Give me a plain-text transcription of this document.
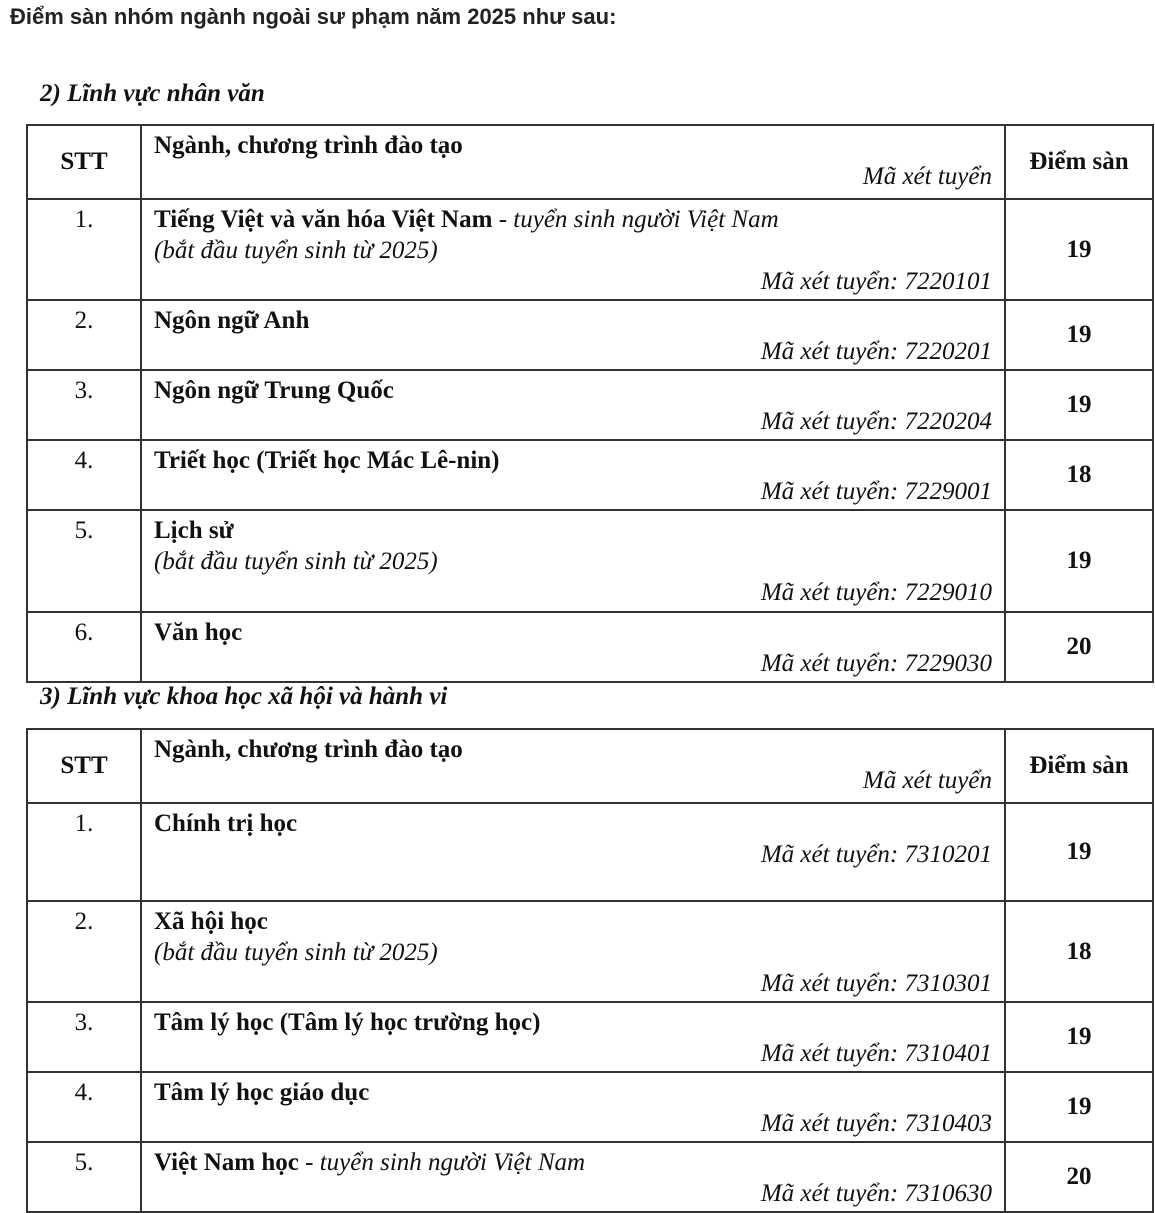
Điểm sàn nhóm ngành ngoài sư phạm năm 2025 như sau:

2) Lĩnh vực nhân văn

STT	Ngành, chương trình đào tạo
Mã xét tuyển	Điểm sàn
1.	Tiếng Việt và văn hóa Việt Nam - tuyển sinh người Việt Nam
(bắt đầu tuyển sinh từ 2025)
Mã xét tuyển: 7220101	19
2.	Ngôn ngữ Anh
Mã xét tuyển: 7220201	19
3.	Ngôn ngữ Trung Quốc
Mã xét tuyển: 7220204	19
4.	Triết học (Triết học Mác Lê-nin)
Mã xét tuyển: 7229001	18
5.	Lịch sử
(bắt đầu tuyển sinh từ 2025)
Mã xét tuyển: 7229010	19
6.	Văn học
Mã xét tuyển: 7229030	20

3) Lĩnh vực khoa học xã hội và hành vi

STT	Ngành, chương trình đào tạo
Mã xét tuyển	Điểm sàn
1.	Chính trị học
Mã xét tuyển: 7310201	19
2.	Xã hội học
(bắt đầu tuyển sinh từ 2025)
Mã xét tuyển: 7310301	18
3.	Tâm lý học (Tâm lý học trường học)
Mã xét tuyển: 7310401	19
4.	Tâm lý học giáo dục
Mã xét tuyển: 7310403	19
5.	Việt Nam học - tuyển sinh người Việt Nam
Mã xét tuyển: 7310630	20
